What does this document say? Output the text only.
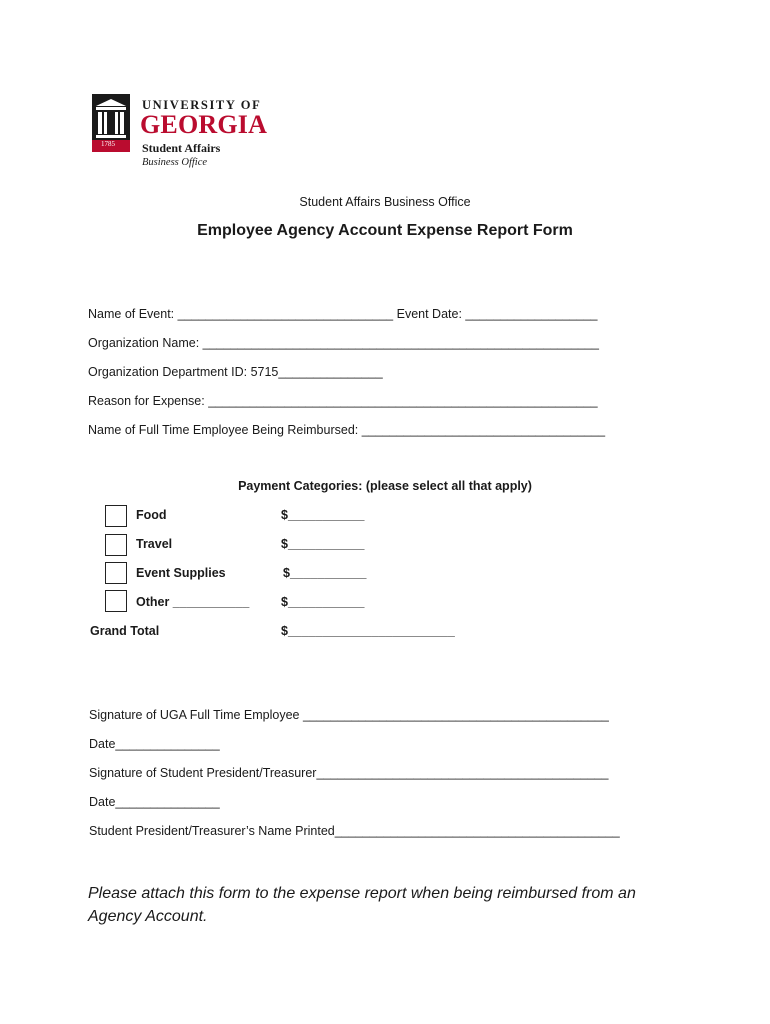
1785
UNIVERSITY OF
GEORGIA
Student Affairs
Business Office
Student Affairs Business Office
Employee Agency Account Expense Report Form
Name of Event: _______________________________ Event Date: ___________________
Organization Name: _________________________________________________________
Organization Department ID: 5715_______________
Reason for Expense: ________________________________________________________
Name of Full Time Employee Being Reimbursed: ___________________________________
Payment Categories: (please select all that apply)
Food	$___________
Travel	$___________
Event Supplies	$___________
Other ___________	$___________
Grand Total	$________________________
Signature of UGA Full Time Employee ____________________________________________
Date_______________
Signature of Student President/Treasurer__________________________________________
Date_______________
Student President/Treasurer’s Name Printed_________________________________________
Please attach this form to the expense report when being reimbursed from an Agency Account.
